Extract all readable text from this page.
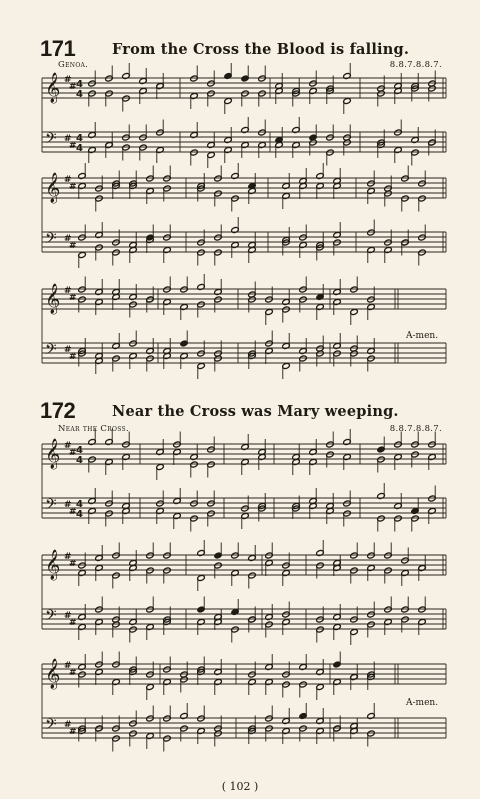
171	From the Cross the Blood is falling.
Genoa.	8.8.7.8.8.7.
172	Near the Cross was Mary weeping.
Near the Cross.	8.8.7.8.8.7.
A-men.
A-men.
𝄞 #
# 4
4
𝄢 #
#
4
4
𝄞 #
#
𝄢 #
#
𝄞 #
#
𝄢 #
#
𝄞 #
# 4
4
𝄢 #
#
4
4
𝄞 #
#
𝄢 #
#
𝄞 #
#
𝄢 #
#
( 102 )
